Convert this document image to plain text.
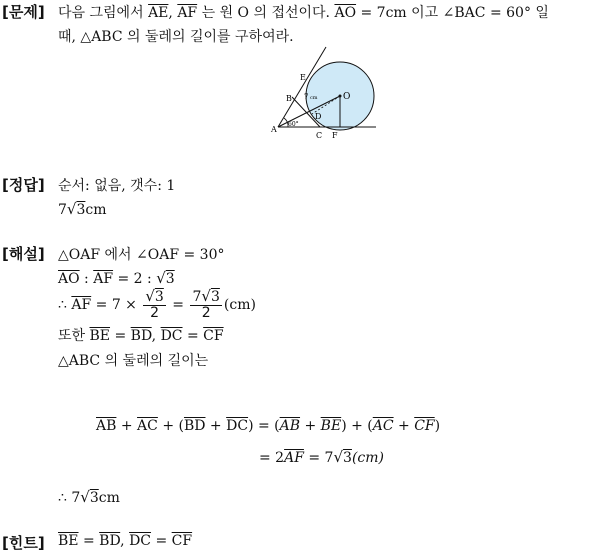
[문제] 다음 그림에서 $\overline{AE}$, $\overline{AF}$ 는 원 O 의 접선이다. $\overline{AO} = 7cm$ 이고 ∠BAC = 60° 일
때, △ABC 의 둘레의 길이를 구하여라.
E
B	O
D
A
C F
7 cm
60°
[정답] 순서: 없음, 갯수: 1
7√3cm
[해설] △OAF 에서 ∠OAF = 30°
$\overline{AO}$ : $\overline{AF} = 2$ : √3
∴ $\overline{AF} = 7 \times \frac{√3}{2} = \frac{7√3}{2} (cm)$
또한 $\overline{BE} = \overline{BD}$, $\overline{DC} = \overline{CF}$
△ABC 의 둘레의 길이는
$\overline{AB} + \overline{AC} + (\overline{BD} + \overline{DC}) = (\overline{AB} + \overline{BE}) + (\overline{AC} + \overline{CF})$
= $2\overline{AF} = 7√3(cm)$
∴ 7√3cm
[힌트] $\overline{BE} = \overline{BD}$, $\overline{DC} = \overline{CF}$
